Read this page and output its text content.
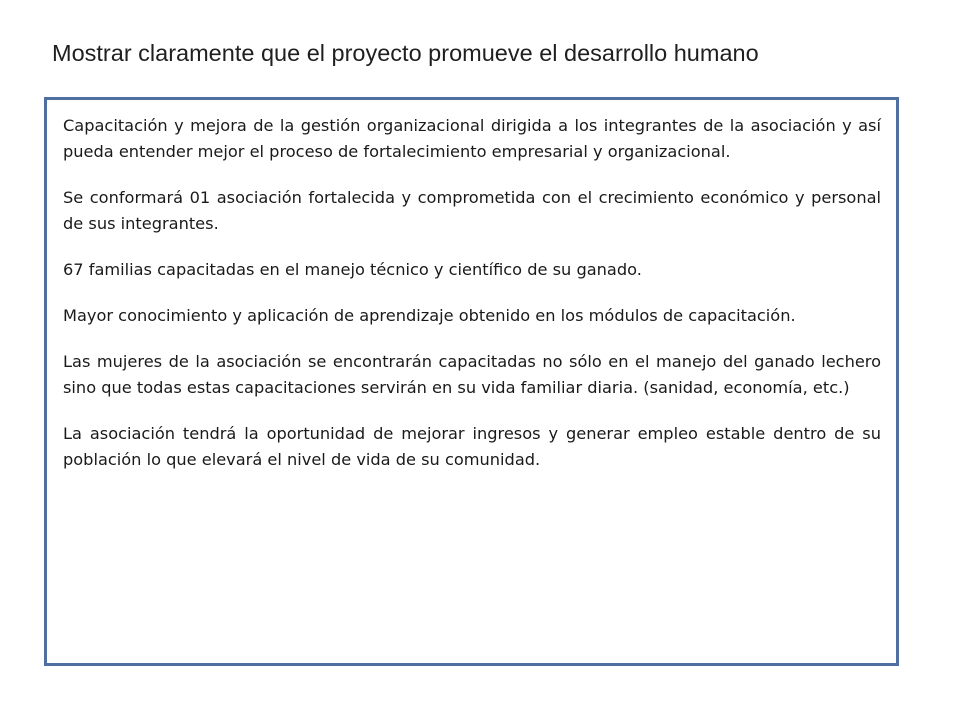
Mostrar claramente que el proyecto promueve el desarrollo humano

Capacitación y mejora de la gestión organizacional dirigida a los integrantes de la asociación y así pueda entender mejor el proceso de fortalecimiento empresarial y organizacional.

Se conformará 01 asociación fortalecida y comprometida con el crecimiento económico y personal de sus integrantes.

67 familias capacitadas en el manejo técnico y científico de su ganado.

Mayor conocimiento y aplicación de aprendizaje obtenido en los módulos de capacitación.

Las mujeres de la asociación se encontrarán capacitadas no sólo en el manejo del ganado lechero sino que todas estas capacitaciones servirán en su vida familiar diaria. (sanidad, economía, etc.)

La asociación tendrá la oportunidad de mejorar ingresos y generar empleo estable dentro de su población lo que elevará el nivel de vida de su comunidad.
